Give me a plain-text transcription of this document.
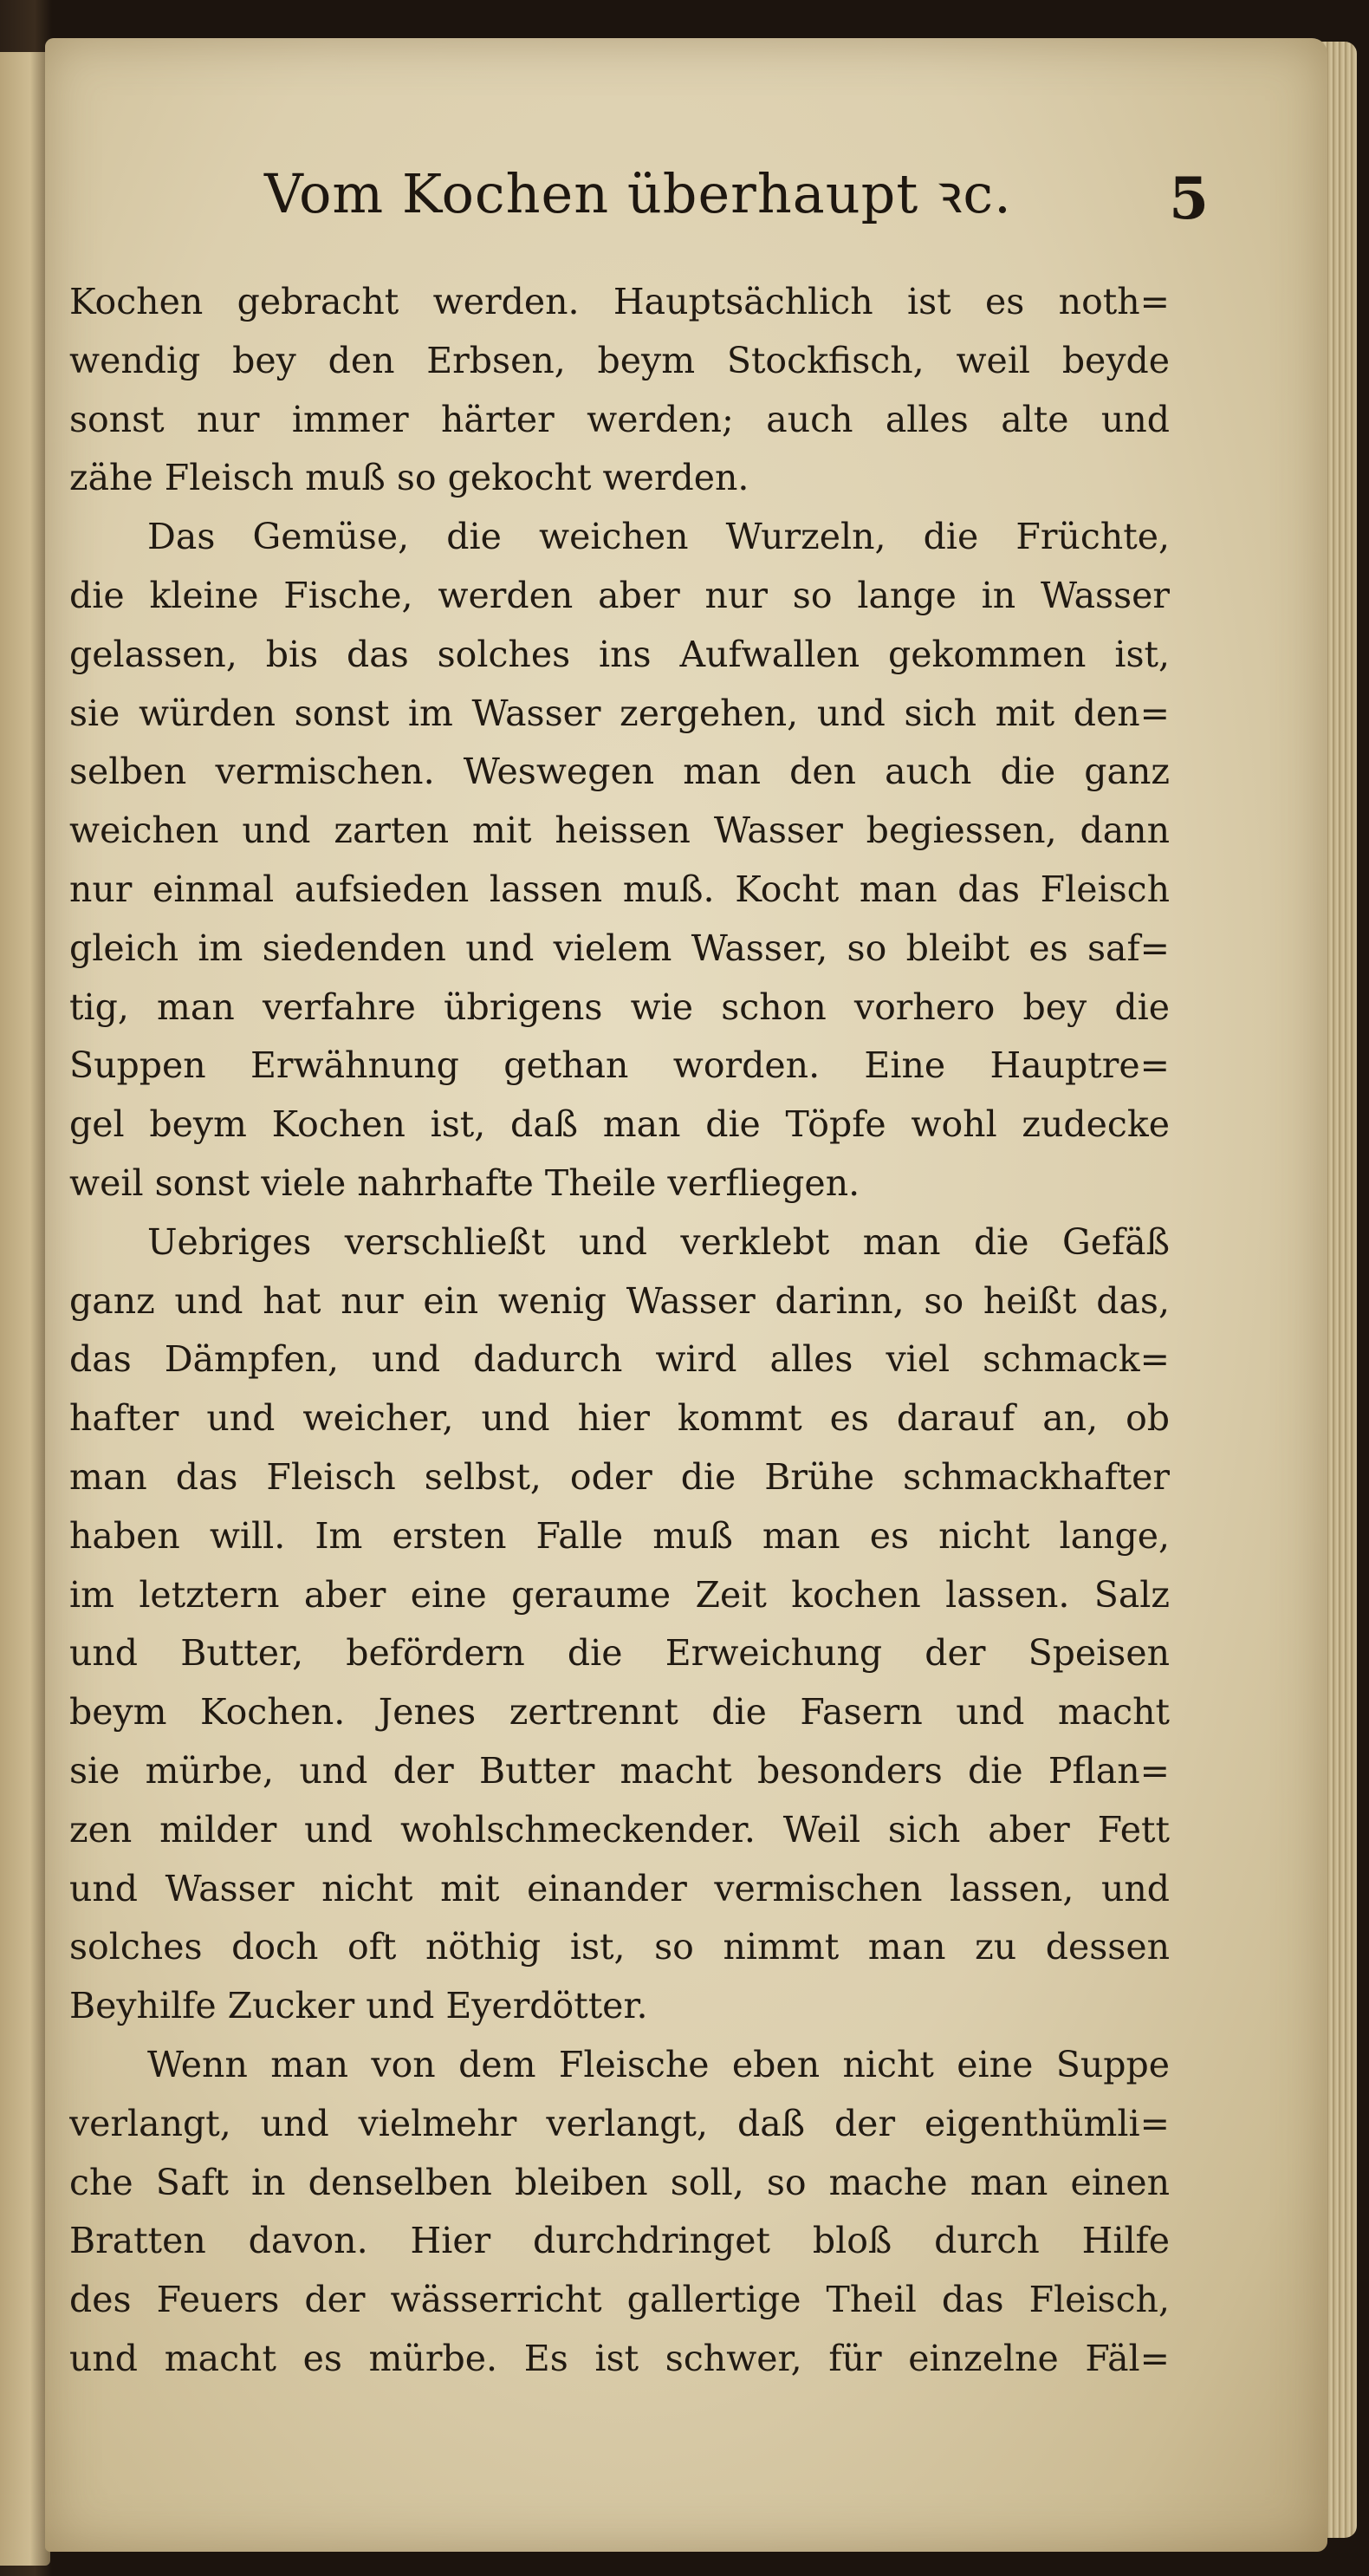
Vom Kochen überhaupt ꝛc.	5
Kochen gebracht werden. Hauptsächlich ist es noth=
wendig bey den Erbsen, beym Stockfisch, weil beyde
sonst nur immer härter werden; auch alles alte und
zähe Fleisch muß so gekocht werden.
Das Gemüse, die weichen Wurzeln, die Früchte,
die kleine Fische, werden aber nur so lange in Wasser
gelassen, bis das solches ins Aufwallen gekommen ist,
sie würden sonst im Wasser zergehen, und sich mit den=
selben vermischen. Weswegen man den auch die ganz
weichen und zarten mit heissen Wasser begiessen, dann
nur einmal aufsieden lassen muß. Kocht man das Fleisch
gleich im siedenden und vielem Wasser, so bleibt es saf=
tig, man verfahre übrigens wie schon vorhero bey die
Suppen Erwähnung gethan worden. Eine Hauptre=
gel beym Kochen ist, daß man die Töpfe wohl zudecke
weil sonst viele nahrhafte Theile verfliegen.
Uebriges verschließt und verklebt man die Gefäß
ganz und hat nur ein wenig Wasser darinn, so heißt das,
das Dämpfen, und dadurch wird alles viel schmack=
hafter und weicher, und hier kommt es darauf an, ob
man das Fleisch selbst, oder die Brühe schmackhafter
haben will. Im ersten Falle muß man es nicht lange,
im letztern aber eine geraume Zeit kochen lassen. Salz
und Butter, befördern die Erweichung der Speisen
beym Kochen. Jenes zertrennt die Fasern und macht
sie mürbe, und der Butter macht besonders die Pflan=
zen milder und wohlschmeckender. Weil sich aber Fett
und Wasser nicht mit einander vermischen lassen, und
solches doch oft nöthig ist, so nimmt man zu dessen
Beyhilfe Zucker und Eyerdötter.
Wenn man von dem Fleische eben nicht eine Suppe
verlangt, und vielmehr verlangt, daß der eigenthümli=
che Saft in denselben bleiben soll, so mache man einen
Bratten davon. Hier durchdringet bloß durch Hilfe
des Feuers der wässerricht gallertige Theil das Fleisch,
und macht es mürbe. Es ist schwer, für einzelne Fäl=
